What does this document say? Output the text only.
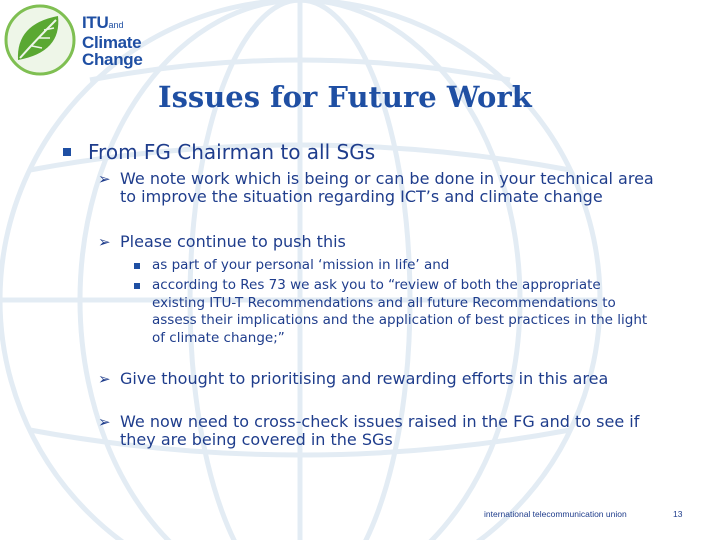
ITUand
Climate
Change
Issues for Future Work
From FG Chairman to all SGs
➢ We note work which is being or can be done in your technical area to improve the situation regarding ICT’s and climate change
➢ Please continue to push this
as part of your personal ‘mission in life’ and
according to Res 73 we ask you to “review of both the appropriate existing ITU-T Recommendations and all future Recommendations to assess their implications and the application of best practices in the light of climate change;”
➢ Give thought to prioritising and rewarding efforts in this area
➢ We now need to cross-check issues raised in the FG and to see if they are being covered in the SGs
international telecommunication union	13
